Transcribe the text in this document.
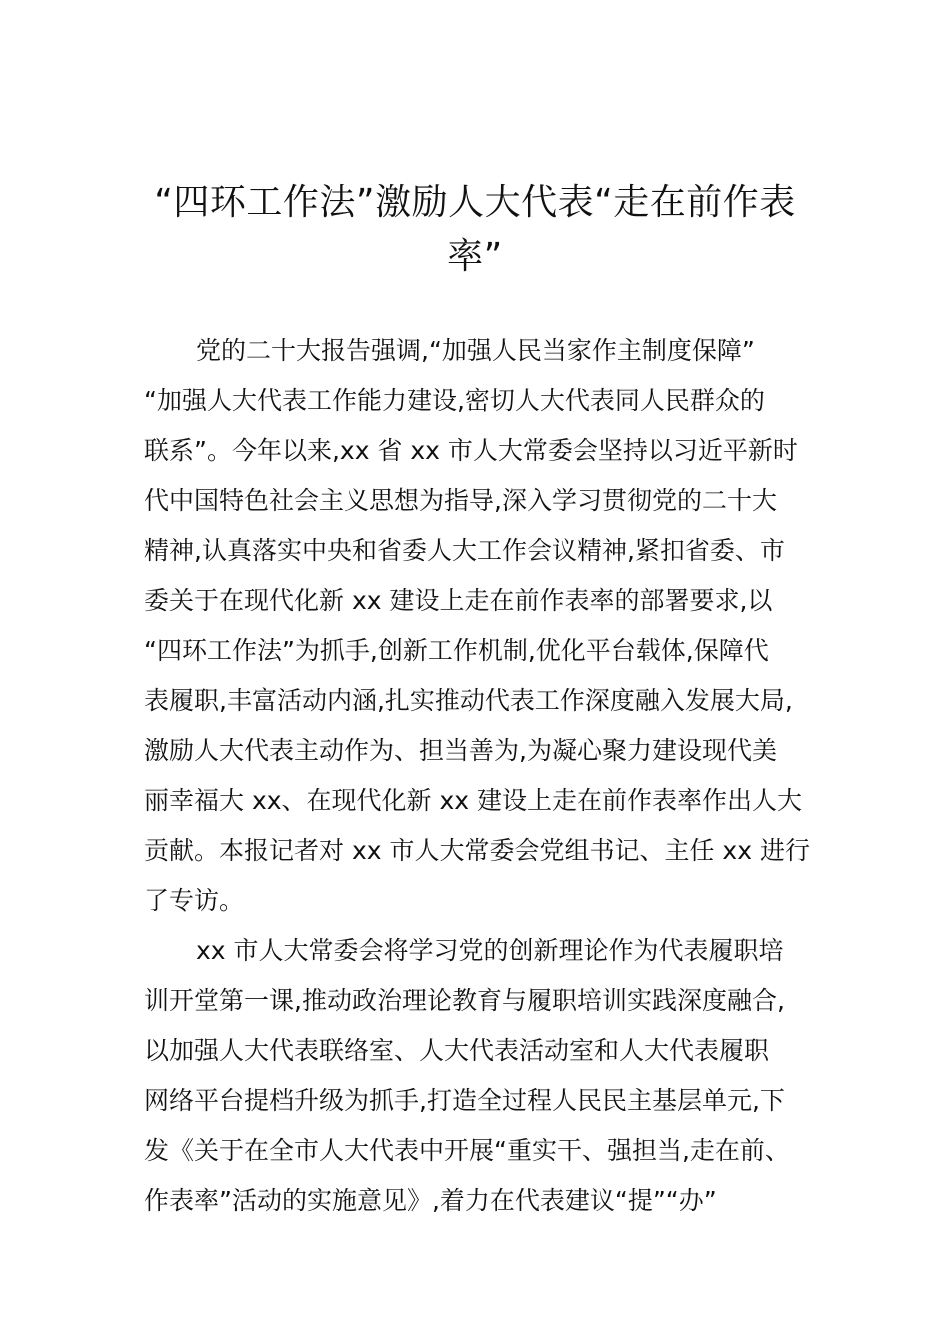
“四环工作法”激励人大代表“走在前作表
率”
党的二十大报告强调,“加强人民当家作主制度保障”
“加强人大代表工作能力建设,密切人大代表同人民群众的
联系”。今年以来,xx 省 xx 市人大常委会坚持以习近平新时
代中国特色社会主义思想为指导,深入学习贯彻党的二十大
精神,认真落实中央和省委人大工作会议精神,紧扣省委、市
委关于在现代化新 xx 建设上走在前作表率的部署要求,以
“四环工作法”为抓手,创新工作机制,优化平台载体,保障代
表履职,丰富活动内涵,扎实推动代表工作深度融入发展大局,
激励人大代表主动作为、担当善为,为凝心聚力建设现代美
丽幸福大 xx、在现代化新 xx 建设上走在前作表率作出人大
贡献。本报记者对 xx 市人大常委会党组书记、主任 xx 进行
了专访。
xx 市人大常委会将学习党的创新理论作为代表履职培
训开堂第一课,推动政治理论教育与履职培训实践深度融合,
以加强人大代表联络室、人大代表活动室和人大代表履职
网络平台提档升级为抓手,打造全过程人民民主基层单元,下
发《关于在全市人大代表中开展“重实干、强担当,走在前、
作表率”活动的实施意见》,着力在代表建议“提”“办”
